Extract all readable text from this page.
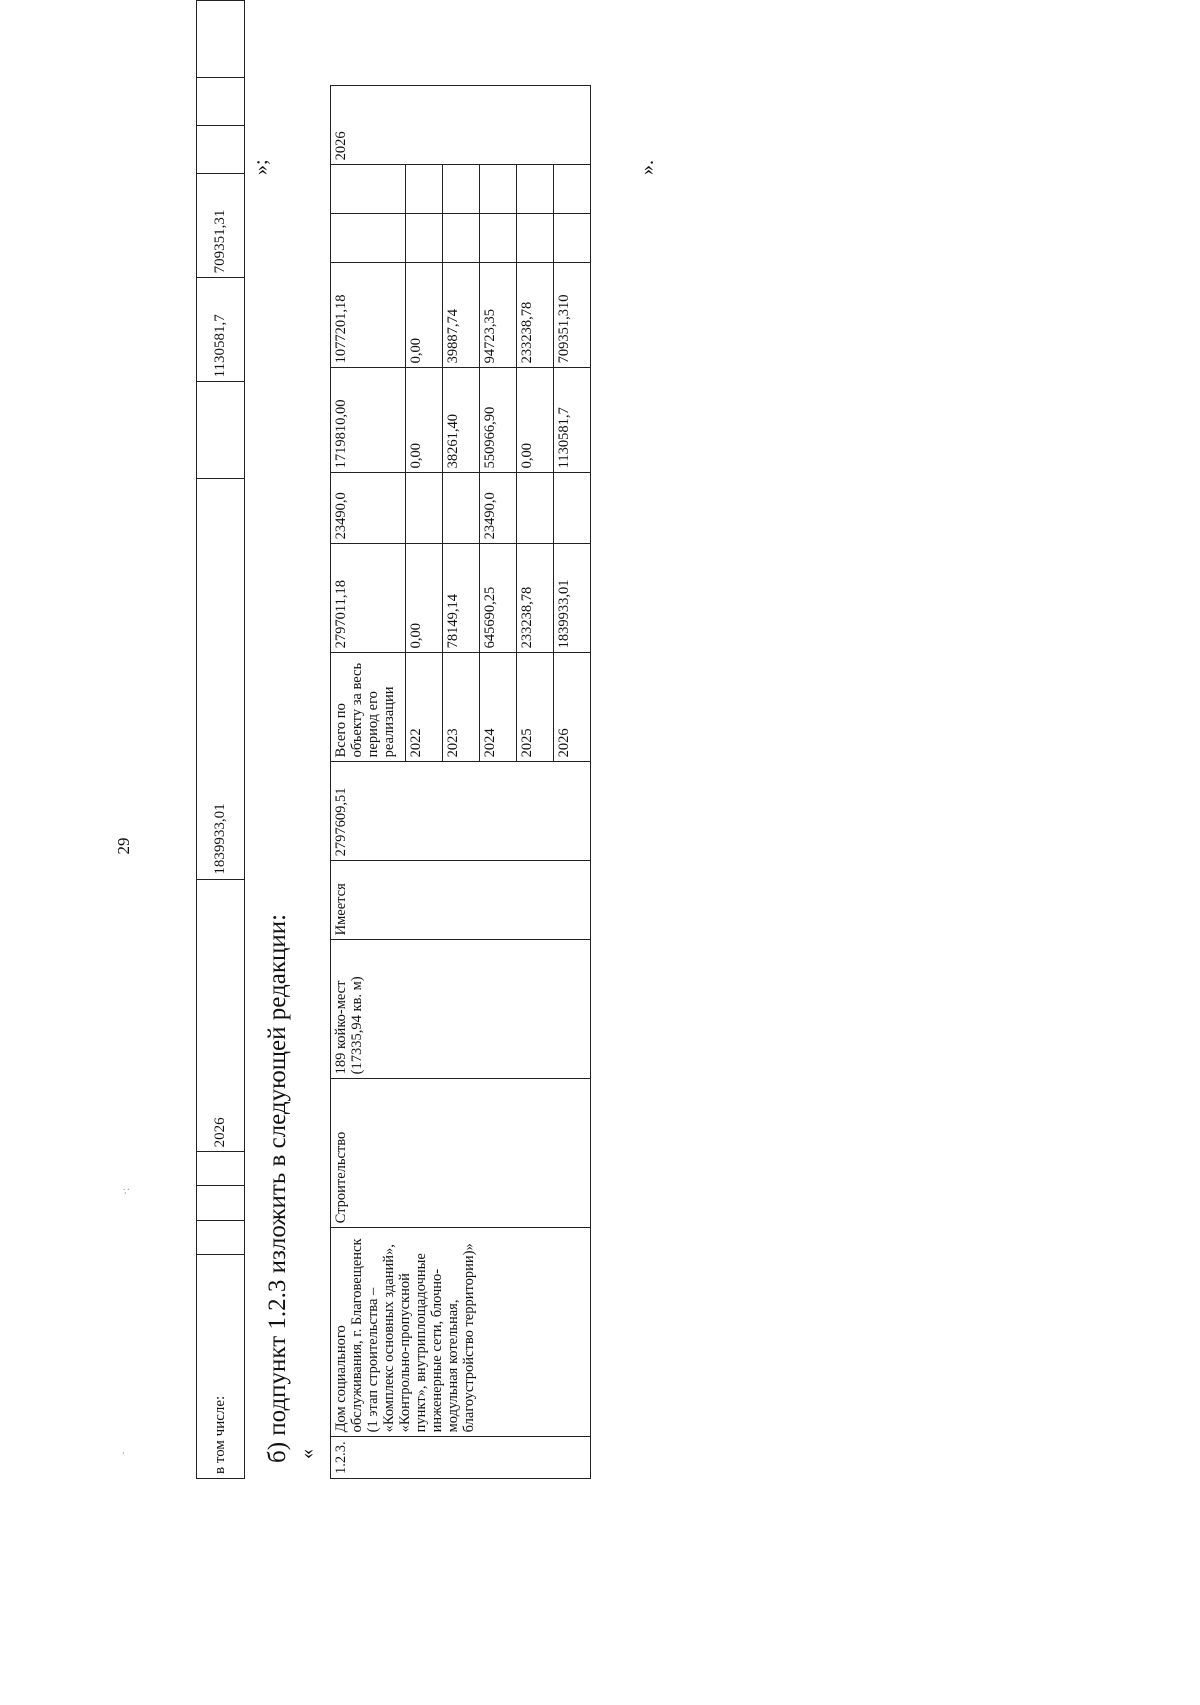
29
в том числе:				2026	1839933,01		1130581,7	709351,31			
»;
б) подпункт 1.2.3 изложить в следующей редакции: « 1.2.3.	Дом социального обслуживания, г. Благовещенск (1 этап строительства – «Комплекс основных зданий», «Контрольно-пропускной пункт», внутриплощадочные инженерные сети, блочно-модульная котельная, благоустройство территории)»	Строительство	189 койко-мест (17335,94 кв. м)	Имеется	2797609,51	Всего по объекту за весь период его реализации	2797011,18	23490,0	1719810,00	1077201,18			2026
						2022	0,00		0,00	0,00			
						2023	78149,14		38261,40	39887,74			
						2024	645690,25	23490,0	550966,90	94723,35			
						2025	233238,78		0,00	233238,78			
						2026	1839933,01		1130581,7	709351,310			
».
·:
·
